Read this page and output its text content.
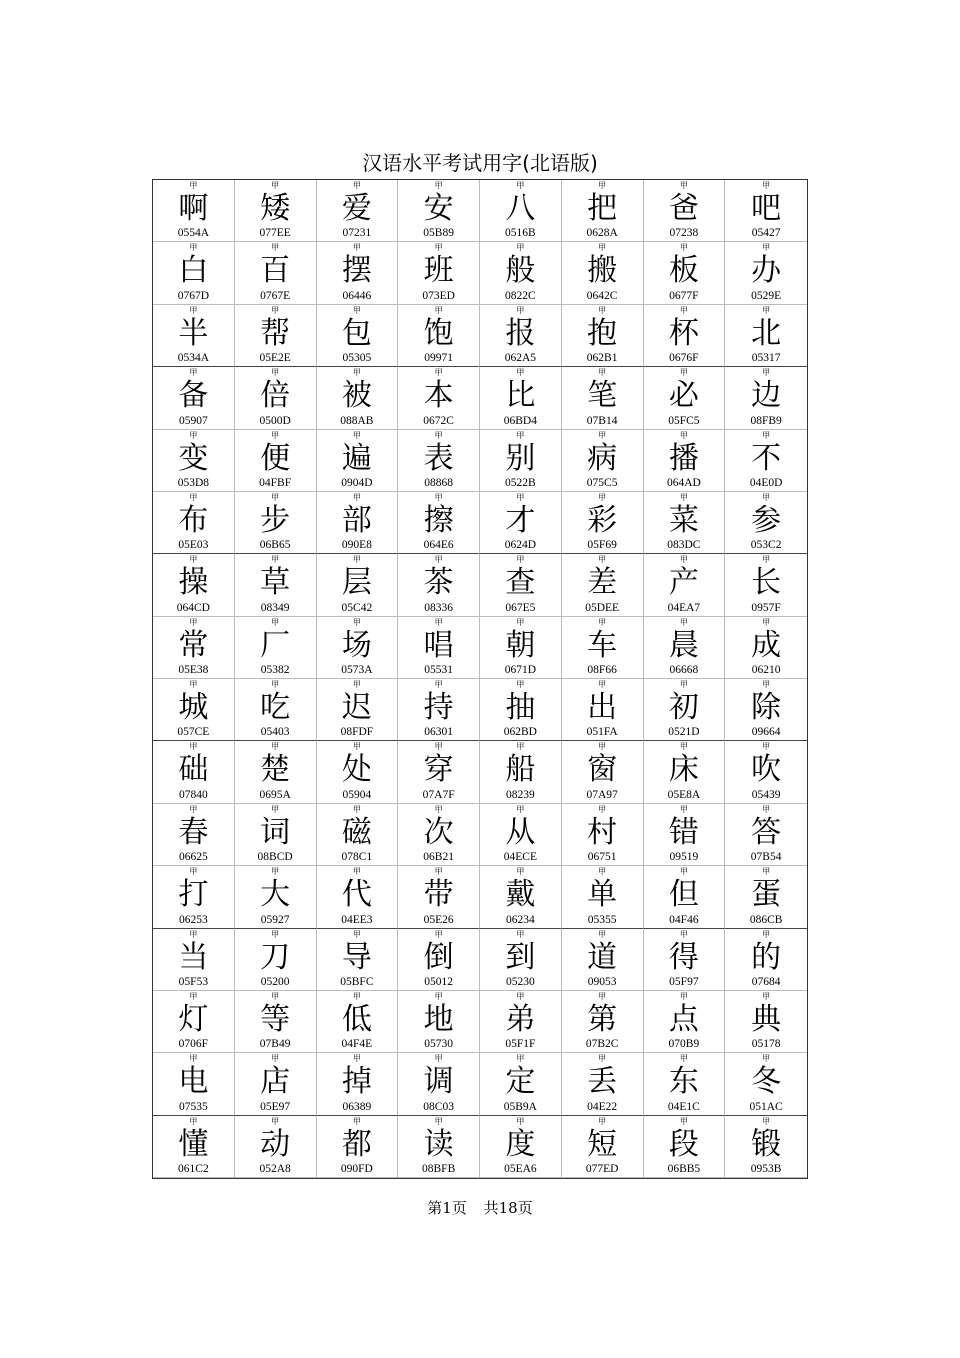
汉语水平考试用字(北语版)
甲
啊
0554A
甲
矮
077EE
甲
爱
07231
甲
安
05B89
甲
八
0516B
甲
把
0628A
甲
爸
07238
甲
吧
05427
甲
白
0767D
甲
百
0767E
甲
摆
06446
甲
班
073ED
甲
般
0822C
甲
搬
0642C
甲
板
0677F
甲
办
0529E
甲
半
0534A
甲
帮
05E2E
甲
包
05305
甲
饱
09971
甲
报
062A5
甲
抱
062B1
甲
杯
0676F
甲
北
05317
甲
备
05907
甲
倍
0500D
甲
被
088AB
甲
本
0672C
甲
比
06BD4
甲
笔
07B14
甲
必
05FC5
甲
边
08FB9
甲
变
053D8
甲
便
04FBF
甲
遍
0904D
甲
表
08868
甲
别
0522B
甲
病
075C5
甲
播
064AD
甲
不
04E0D
甲
布
05E03
甲
步
06B65
甲
部
090E8
甲
擦
064E6
甲
才
0624D
甲
彩
05F69
甲
菜
083DC
甲
参
053C2
甲
操
064CD
甲
草
08349
甲
层
05C42
甲
茶
08336
甲
查
067E5
甲
差
05DEE
甲
产
04EA7
甲
长
0957F
甲
常
05E38
甲
厂
05382
甲
场
0573A
甲
唱
05531
甲
朝
0671D
甲
车
08F66
甲
晨
06668
甲
成
06210
甲
城
057CE
甲
吃
05403
甲
迟
08FDF
甲
持
06301
甲
抽
062BD
甲
出
051FA
甲
初
0521D
甲
除
09664
甲
础
07840
甲
楚
0695A
甲
处
05904
甲
穿
07A7F
甲
船
08239
甲
窗
07A97
甲
床
05E8A
甲
吹
05439
甲
春
06625
甲
词
08BCD
甲
磁
078C1
甲
次
06B21
甲
从
04ECE
甲
村
06751
甲
错
09519
甲
答
07B54
甲
打
06253
甲
大
05927
甲
代
04EE3
甲
带
05E26
甲
戴
06234
甲
单
05355
甲
但
04F46
甲
蛋
086CB
甲
当
05F53
甲
刀
05200
甲
导
05BFC
甲
倒
05012
甲
到
05230
甲
道
09053
甲
得
05F97
甲
的
07684
甲
灯
0706F
甲
等
07B49
甲
低
04F4E
甲
地
05730
甲
弟
05F1F
甲
第
07B2C
甲
点
070B9
甲
典
05178
甲
电
07535
甲
店
05E97
甲
掉
06389
甲
调
08C03
甲
定
05B9A
甲
丢
04E22
甲
东
04E1C
甲
冬
051AC
甲
懂
061C2
甲
动
052A8
甲
都
090FD
甲
读
08BFB
甲
度
05EA6
甲
短
077ED
甲
段
06BB5
甲
锻
0953B
第1页 共18页
